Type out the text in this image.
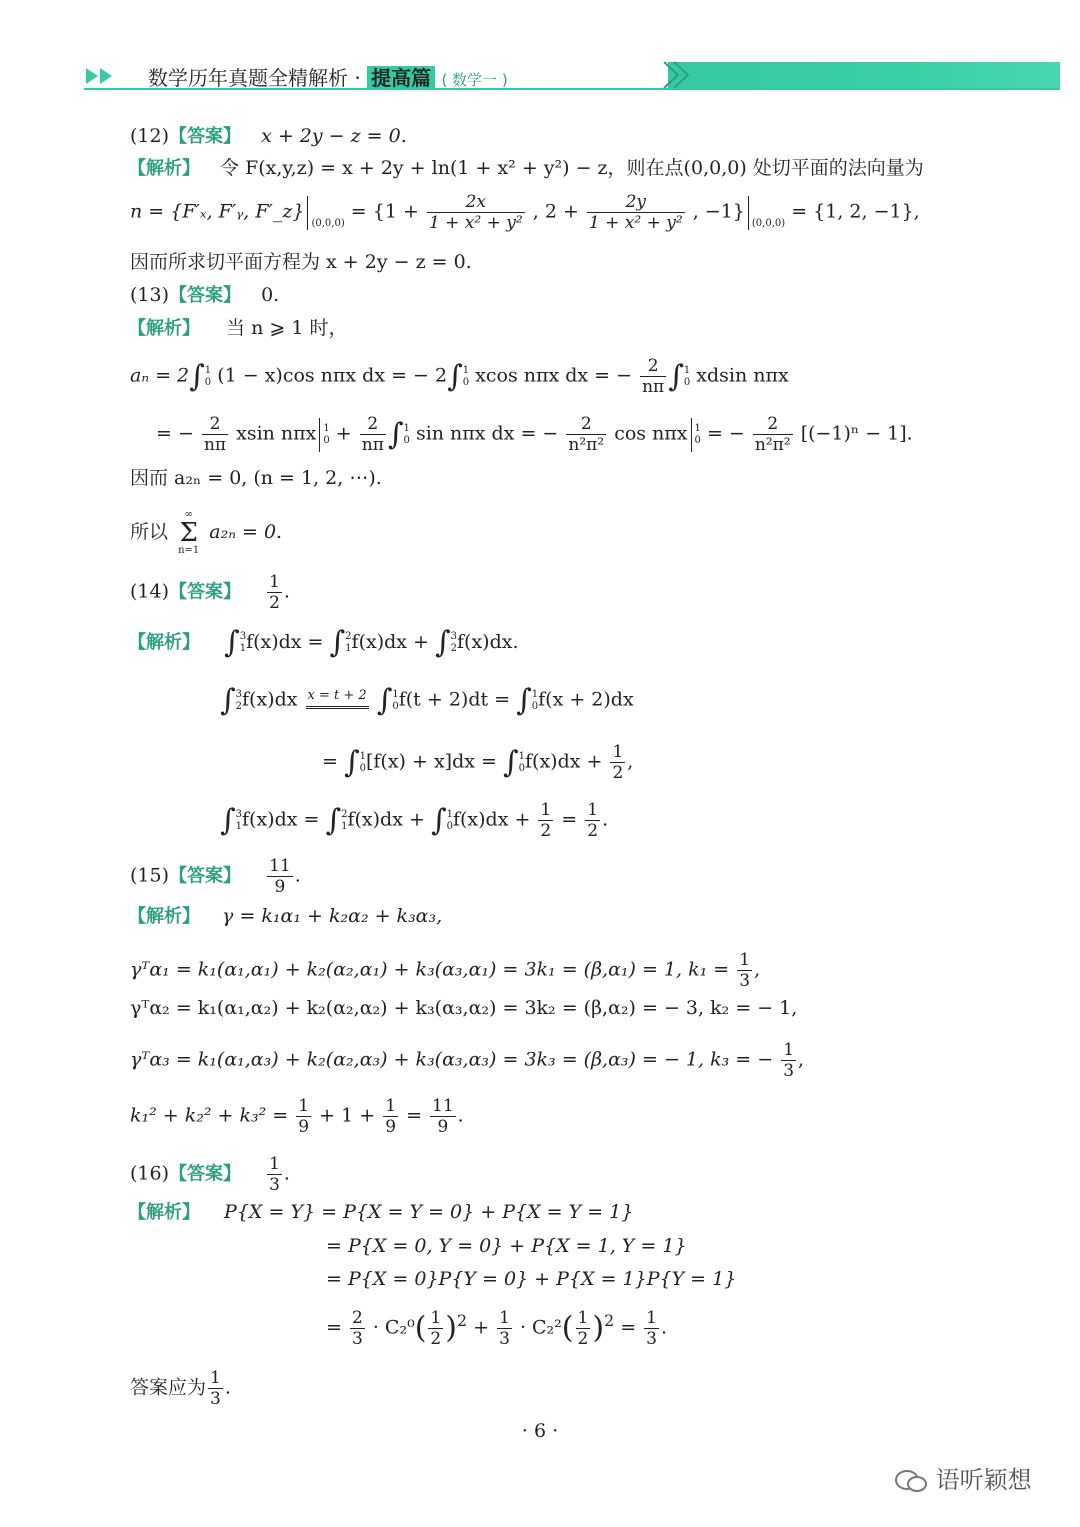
数学历年真题全精解析 · 提高篇 ( 数学一 )
(12)【答案】 x + 2y − z = 0.
【解析】 令 F(x,y,z) = x + 2y + ln(1 + x² + y²) − z，则在点(0,0,0) 处切平面的法向量为
n = {F′ₓ, F′ᵧ, F′_z}(0,0,0) = {$1 + \frac{2x}{\text{1 + x² + y²}}$ , $2 + \frac{2y}{\text{1 + x² + y²}}$ , −1}(0,0,0) = {1, 2, −1},
因而所求切平面方程为 x + 2y − z = 0.
(13)【答案】 0.
【解析】 当 n ⩾ 1 时，
aₙ = 2∫1
0 (1 − x)cos nπx dx = − 2∫1
0 xcos nπx dx = − $\frac{2}{n\pi} \int 1$
0 xdsin nπx
= − $\frac{2}{n\pi}$ xsin nπx 1
$0 + \frac{2}{n\pi} \int 1$
0 sin nπx dx = − $\frac{2}{\text{n²π²}}$ cos nπx 1
0 = − $\frac{2}{\text{n²π²}} [(-1)^n - 1]$.
因而 a₂ₙ = 0, (n = 1, 2, ⋯).
所以
∞
Σ
n=1
a₂ₙ = 0.
(14)【答案】 $\frac{1}{2}$ .
【解析】 ∫3
1f(x)dx = ∫2
1f(x)dx + ∫3
2f(x)dx.
∫3
2f(x)dx x = t + 2 ∫1
0f(t + 2)dt = ∫1
0f(x + 2)dx
= ∫1
0[f(x) + x]dx = ∫1
$0f(x)dx + \frac{1}{2}$ ,
∫3
1f(x)dx = ∫2
1f(x)dx + ∫1
$0f(x)dx + \frac{1}{2} = \frac{1}{2}$ .
(15)【答案】 $\frac{11}{9}$ .
【解析】 γ = k₁α₁ + k₂α₂ + k₃α₃,
γᵀα₁ = k₁(α₁,α₁) + k₂(α₂,α₁) + k₃(α₃,α₁) = 3k₁ = (β,α₁) = 1, $k_1 = \frac{1}{3}$ ,
γᵀα₂ = k₁(α₁,α₂) + k₂(α₂,α₂) + k₃(α₃,α₂) = 3k₂ = (β,α₂) = − 3, k₂ = − 1,
γᵀα₃ = k₁(α₁,α₃) + k₂(α₂,α₃) + k₃(α₃,α₃) = 3k₃ = (β,α₃) = − 1, k₃ = − $\frac{1}{3}$ ,
$k_1^2 + k_2^2 + k_3^2 = \frac{1}{9} + 1 + \frac{1}{9} = \frac{11}{9}$ .
(16)【答案】 $\frac{1}{3}$ .
【解析】 P{X = Y} = P{X = Y = 0} + P{X = Y = 1}
= P{X = 0, Y = 0} + P{X = 1, Y = 1}
= P{X = 0}P{Y = 0} + P{X = 1}P{Y = 1}
= $\frac{2}{3} \cdot C_2^0( \frac{1}{2} )^2 + \frac{1}{3} \cdot C_2^2( \frac{1}{2} )^2 = \frac{1}{3}$ .
答案应为 $\frac{1}{3}$ .
· 6 ·
语听颖想
